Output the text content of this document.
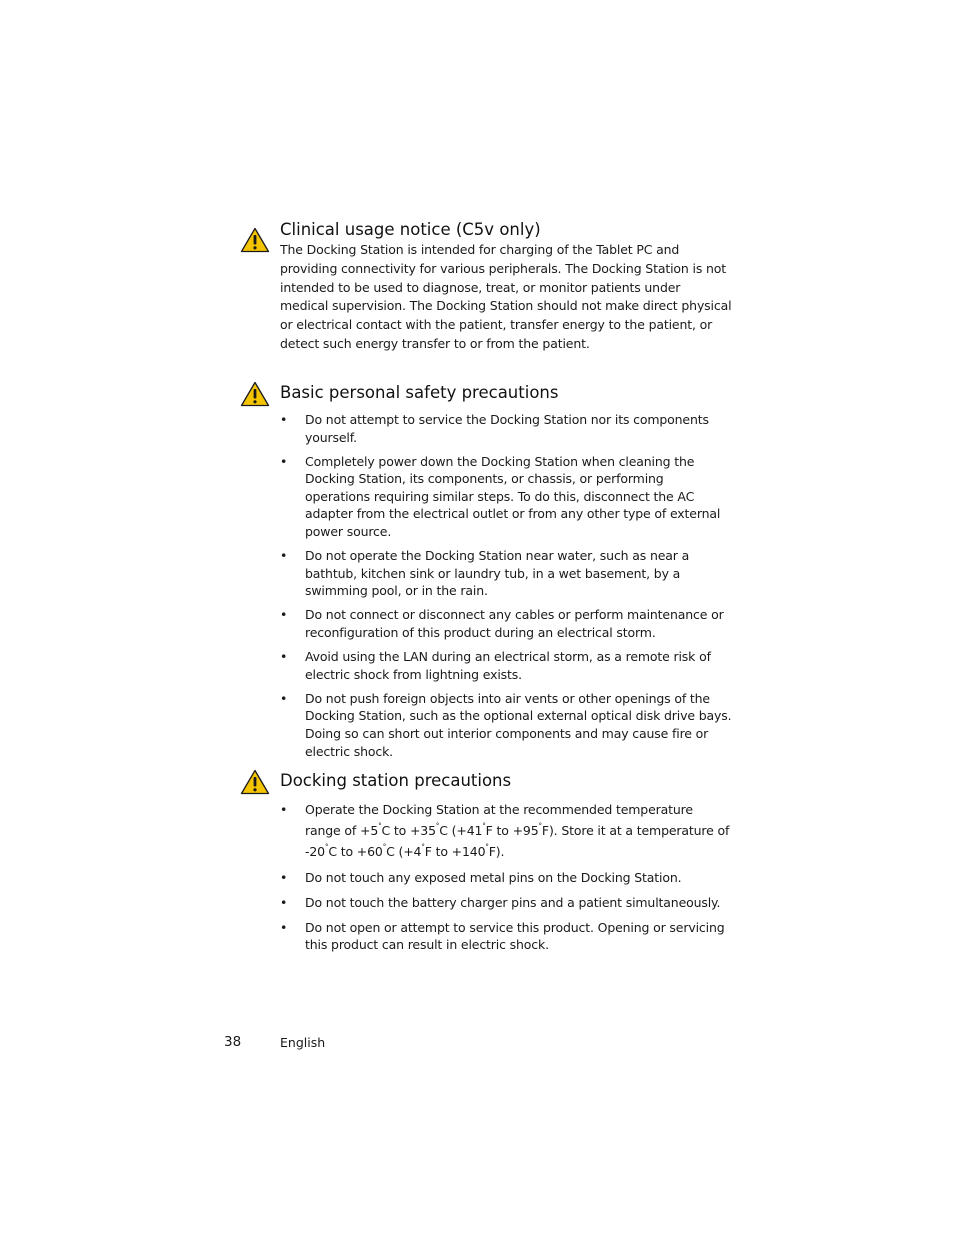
Clinical usage notice (C5v only)
The Docking Station is intended for charging of the Tablet PC and providing connectivity for various peripherals. The Docking Station is not intended to be used to diagnose, treat, or monitor patients under medical supervision. The Docking Station should not make direct physical or electrical contact with the patient, transfer energy to the patient, or detect such energy transfer to or from the patient.
Basic personal safety precautions
• Do not attempt to service the Docking Station nor its components yourself.
• Completely power down the Docking Station when cleaning the Docking Station, its components, or chassis, or performing operations requiring similar steps. To do this, disconnect the AC adapter from the electrical outlet or from any other type of external power source.
• Do not operate the Docking Station near water, such as near a bathtub, kitchen sink or laundry tub, in a wet basement, by a swimming pool, or in the rain.
• Do not connect or disconnect any cables or perform maintenance or reconfiguration of this product during an electrical storm.
• Avoid using the LAN during an electrical storm, as a remote risk of electric shock from lightning exists.
• Do not push foreign objects into air vents or other openings of the Docking Station, such as the optional external optical disk drive bays. Doing so can short out interior components and may cause fire or electric shock.
Docking station precautions
• Operate the Docking Station at the recommended temperature range of +5°C to +35°C (+41°F to +95°F). Store it at a temperature of -20°C to +60°C (+4°F to +140°F).
• Do not touch any exposed metal pins on the Docking Station.
• Do not touch the battery charger pins and a patient simultaneously.
• Do not open or attempt to service this product. Opening or servicing this product can result in electric shock.
38	English
